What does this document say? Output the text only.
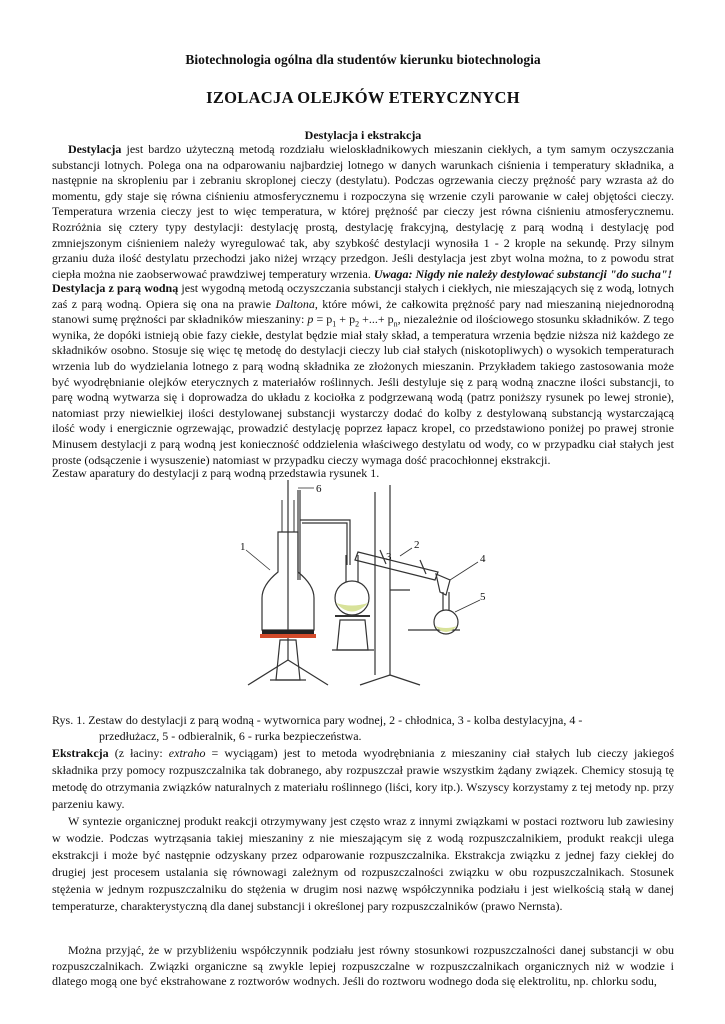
Biotechnologia ogólna dla studentów kierunku biotechnologia

IZOLACJA OLEJKÓW ETERYCZNYCH

Destylacja i ekstrakcja

Destylacja jest bardzo użyteczną metodą rozdziału wieloskładnikowych mieszanin ciekłych, a tym samym oczyszczania substancji lotnych. Polega ona na odparowaniu najbardziej lotnego w danych warunkach ciśnienia i temperatury składnika, a następnie na skropleniu par i zebraniu skroplonej cieczy (destylatu). Podczas ogrzewania cieczy prężność pary wzrasta aż do momentu, gdy staje się równa ciśnieniu atmosferycznemu i rozpoczyna się wrzenie czyli parowanie w całej objętości cieczy. Temperatura wrzenia cieczy jest to więc temperatura, w której prężność par cieczy jest równa ciśnieniu atmosferycznemu. Rozróżnia się cztery typy destylacji: destylację prostą, destylację frakcyjną, destylację z parą wodną i destylację pod zmniejszonym ciśnieniem należy wyregulować tak, aby szybkość destylacji wynosiła 1 - 2 krople na sekundę. Przy silnym grzaniu duża ilość destylatu przechodzi jako niżej wrzący przedgon. Jeśli destylacja jest zbyt wolna można, to z powodu strat ciepła można nie zaobserwować prawdziwej temperatury wrzenia. Uwaga: Nigdy nie należy destylować substancji "do sucha"!

Destylacja z parą wodną jest wygodną metodą oczyszczania substancji stałych i ciekłych, nie mieszających się z wodą, lotnych zaś z parą wodną. Opiera się ona na prawie Daltona, które mówi, że całkowita prężność pary nad mieszaniną niejednorodną stanowi sumę prężności par składników mieszaniny: $p = p_1 + p_2$ +...+ $p_n$, niezależnie od ilościowego stosunku składników. Z tego wynika, że dopóki istnieją obie fazy ciekłe, destylat będzie miał stały skład, a temperatura wrzenia będzie niższa niż każdego ze składników osobno. Stosuje się więc tę metodę do destylacji cieczy lub ciał stałych (niskotopliwych) o wysokich temperaturach wrzenia lub do wydzielania lotnego z parą wodną składnika ze złożonych mieszanin. Przykładem takiego zastosowania może być wyodrębnianie olejków eterycznych z materiałów roślinnych. Jeśli destyluje się z parą wodną znaczne ilości substancji, to parę wodną wytwarza się i doprowadza do układu z kociołka z podgrzewaną wodą (patrz poniższy rysunek po lewej stronie), natomiast przy niewielkiej ilości destylowanej substancji wystarczy dodać do kolby z destylowaną substancją wystarczającą ilość wody i energicznie ogrzewając, prowadzić destylację poprzez łapacz kropel, co przedstawiono poniżej po prawej stronie Minusem destylacji z parą wodną jest konieczność oddzielenia właściwego destylatu od wody, co w przypadku ciał stałych jest proste (odsączenie i wysuszenie) natomiast w przypadku cieczy wymaga dość pracochłonnej ekstrakcji.

Zestaw aparatury do destylacji z parą wodną przedstawia rysunek 1.

1	2
3	4
5
6

Rys. 1. Zestaw do destylacji z parą wodną - wytwornica pary wodnej, 2 - chłodnica, 3 - kolba destylacyjna, 4 -
przedłużacz, 5 - odbieralnik, 6 - rurka bezpieczeństwa.

Ekstrakcja (z łaciny: extraho = wyciągam) jest to metoda wyodrębniania z mieszaniny ciał stałych lub cieczy jakiegoś składnika przy pomocy rozpuszczalnika tak dobranego, aby rozpuszczał prawie wszystkim żądany związek. Chemicy stosują tę metodę do otrzymania związków naturalnych z materiału roślinnego (liści, kory itp.). Wszyscy korzystamy z tej metody np. przy parzeniu kawy.

W syntezie organicznej produkt reakcji otrzymywany jest często wraz z innymi związkami w postaci roztworu lub zawiesiny w wodzie. Podczas wytrząsania takiej mieszaniny z nie mieszającym się z wodą rozpuszczalnikiem, produkt reakcji ulega ekstrakcji i może być następnie odzyskany przez odparowanie rozpuszczalnika. Ekstrakcja związku z jednej fazy ciekłej do drugiej jest procesem ustalania się równowagi zależnym od rozpuszczalności związku w obu rozpuszczalnikach. Stosunek stężenia w jednym rozpuszczalniku do stężenia w drugim nosi nazwę współczynnika podziału i jest wielkością stałą w danej temperaturze, charakterystyczną dla danej substancji i określonej pary rozpuszczalników (prawo Nernsta).

Można przyjąć, że w przybliżeniu współczynnik podziału jest równy stosunkowi rozpuszczalności danej substancji w obu rozpuszczalnikach. Związki organiczne są zwykle lepiej rozpuszczalne w rozpuszczalnikach organicznych niż w wodzie i dlatego mogą one być ekstrahowane z roztworów wodnych. Jeśli do roztworu wodnego doda się elektrolitu, np. chlorku sodu,
